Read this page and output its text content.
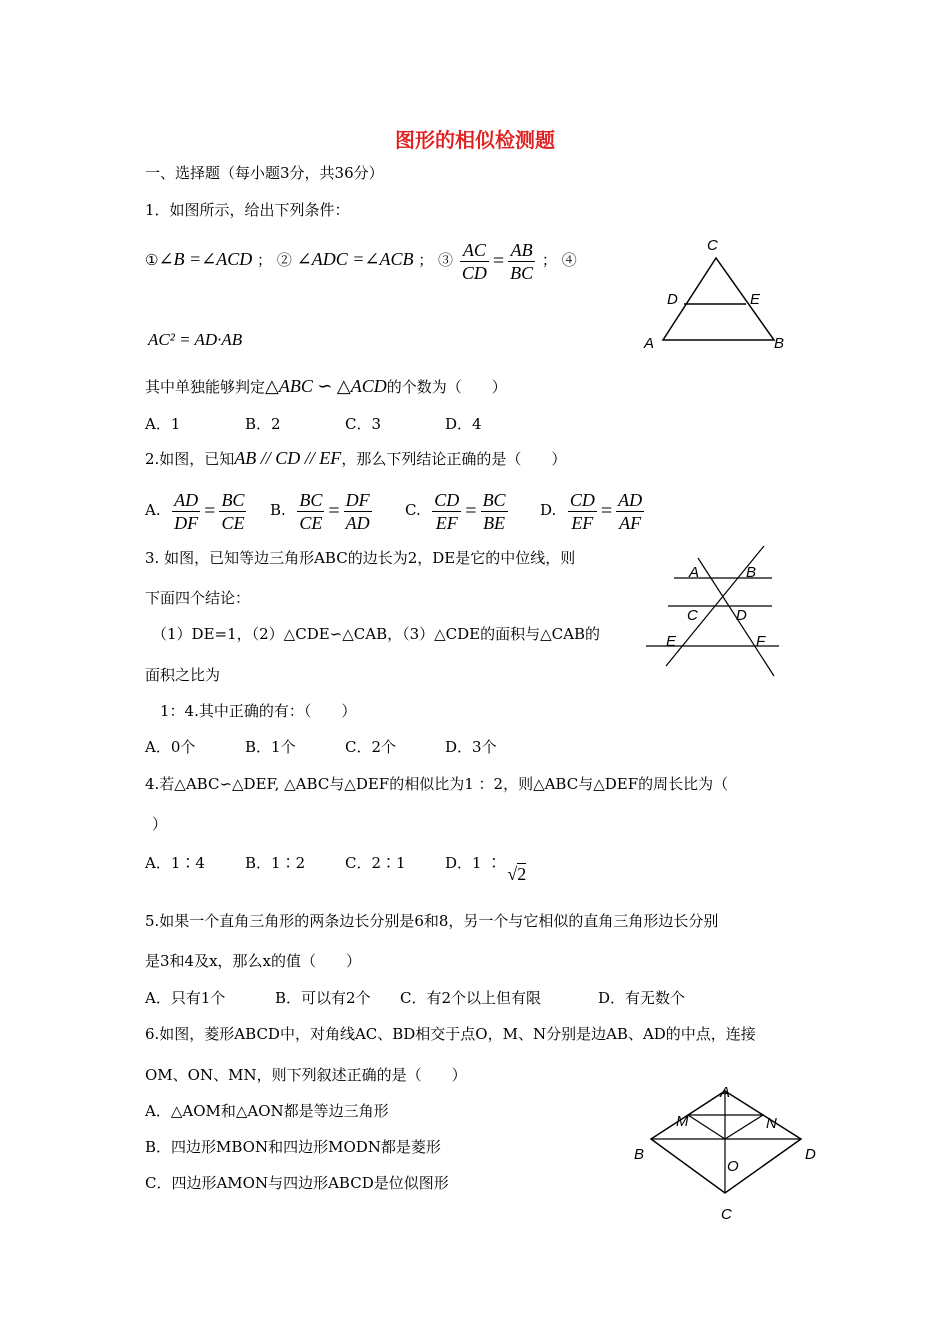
图形的相似检测题
一、选择题（每小题3分，共36分）
1．如图所示，给出下列条件：
①∠B =∠ACD ； ② ∠ADC =∠ACB ； ③ $\frac{AC}{CD} = \frac{AB}{BC}$ ； ④
AC² = AD·AB
其中单独能够判定△ABC ∽ △ACD的个数为（　　）
A．1	B．2	C．3	D．4
C
D	E
A	B
2.如图，已知AB // CD // EF，那么下列结论正确的是（　　）
A. $\frac{AD}{DF} = \frac{BC}{CE} B$. $\frac{BC}{CE} = \frac{DF}{AD} C$. $\frac{CD}{EF} = \frac{BC}{BE} D$. $\frac{CD}{EF} = \frac{AD}{AF}$
A	B
C	D
E	F
3. 如图，已知等边三角形ABC的边长为2，DE是它的中位线，则
下面四个结论：
（1）DE=1，（2）△CDE∽△CAB，（3）△CDE的面积与△CAB的
面积之比为
1：4.其中正确的有：（　　）
A．0个	B．1个	C．2个	D．3个
4.若△ABC∽△DEF, △ABC与△DEF的相似比为1 ：2，则△ABC与△DEF的周长比为（
）
A．1∶4	B．1∶2	C．2∶1	D．1 ∶√2
5.如果一个直角三角形的两条边长分别是6和8，另一个与它相似的直角三角形边长分别
是3和4及x，那么x的值（　　）
A．只有1个	B．可以有2个 C．有2个以上但有限	D．有无数个
6.如图，菱形ABCD中，对角线AC、BD相交于点O，M、N分别是边AB、AD的中点，连接
OM、ON、MN，则下列叙述正确的是（　　）
A．△AOM和△AON都是等边三角形
B．四边形MBON和四边形MODN都是菱形
C．四边形AMON与四边形ABCD是位似图形
A
M	N
B	D
O
C
